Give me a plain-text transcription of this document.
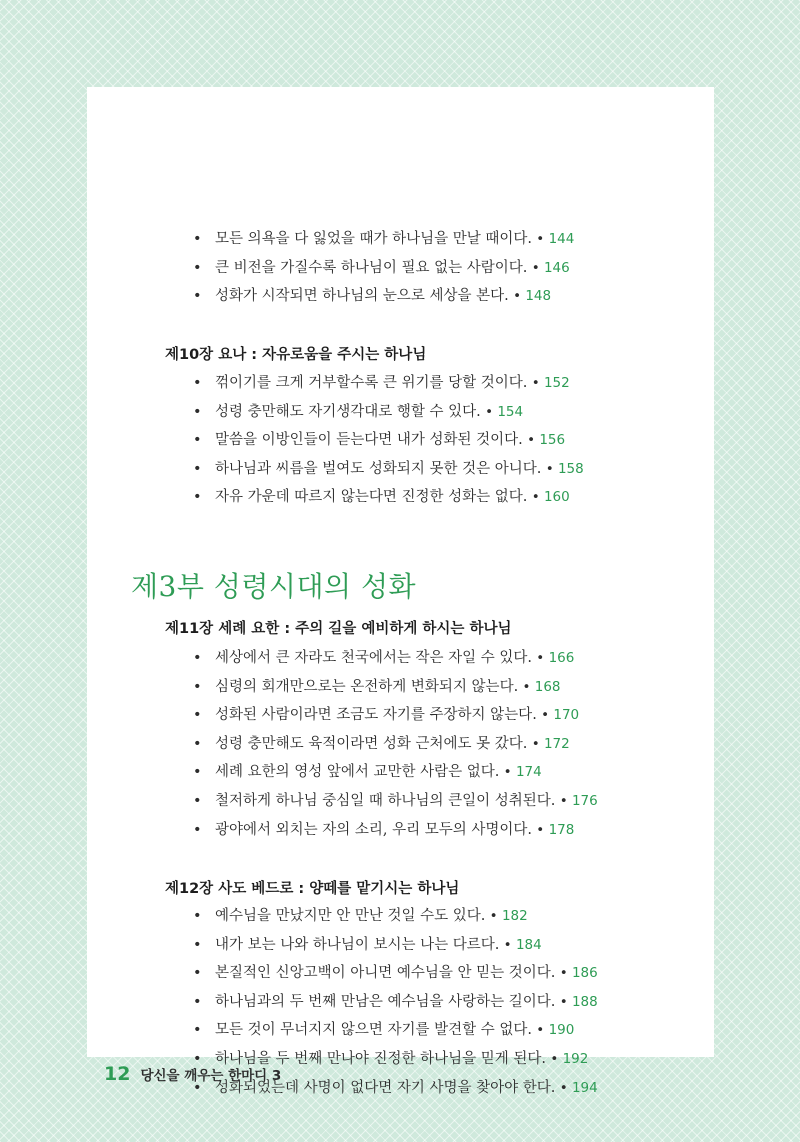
• 모든 의욕을 다 잃었을 때가 하나님을 만날 때이다. • 144
• 큰 비전을 가질수록 하나님이 필요 없는 사람이다. • 146
• 성화가 시작되면 하나님의 눈으로 세상을 본다. • 148
제10장 요나 : 자유로움을 주시는 하나님
• 꺾이기를 크게 거부할수록 큰 위기를 당할 것이다. • 152
• 성령 충만해도 자기생각대로 행할 수 있다. • 154
• 말씀을 이방인들이 듣는다면 내가 성화된 것이다. • 156
• 하나님과 씨름을 벌여도 성화되지 못한 것은 아니다. • 158
• 자유 가운데 따르지 않는다면 진정한 성화는 없다. • 160
제3부 성령시대의 성화
제11장 세례 요한 : 주의 길을 예비하게 하시는 하나님
• 세상에서 큰 자라도 천국에서는 작은 자일 수 있다. • 166
• 심령의 회개만으로는 온전하게 변화되지 않는다. • 168
• 성화된 사람이라면 조금도 자기를 주장하지 않는다. • 170
• 성령 충만해도 육적이라면 성화 근처에도 못 갔다. • 172
• 세례 요한의 영성 앞에서 교만한 사람은 없다. • 174
• 철저하게 하나님 중심일 때 하나님의 큰일이 성취된다. • 176
• 광야에서 외치는 자의 소리, 우리 모두의 사명이다. • 178
제12장 사도 베드로 : 양떼를 맡기시는 하나님
• 예수님을 만났지만 안 만난 것일 수도 있다. • 182
• 내가 보는 나와 하나님이 보시는 나는 다르다. • 184
• 본질적인 신앙고백이 아니면 예수님을 안 믿는 것이다. • 186
• 하나님과의 두 번째 만남은 예수님을 사랑하는 길이다. • 188
• 모든 것이 무너지지 않으면 자기를 발견할 수 없다. • 190
• 하나님을 두 번째 만나야 진정한 하나님을 믿게 된다. • 192
• 성화되었는데 사명이 없다면 자기 사명을 찾아야 한다. • 194
12 당신을 깨우는 한마디 3
